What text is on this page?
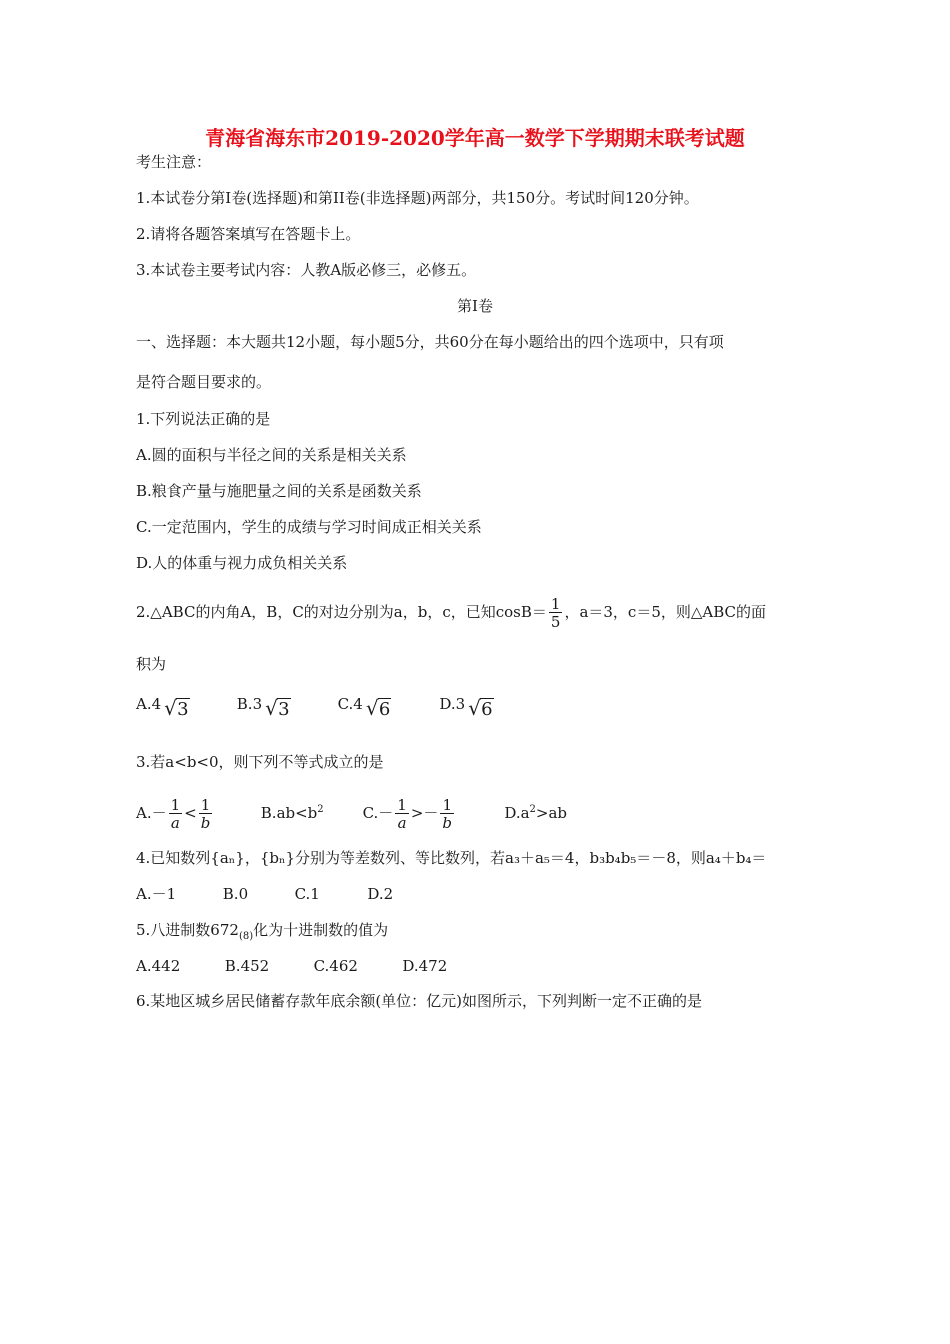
青海省海东市2019-2020学年高一数学下学期期末联考试题
考生注意：
1.本试卷分第I卷(选择题)和第II卷(非选择题)两部分，共150分。考试时间120分钟。
2.请将各题答案填写在答题卡上。
3.本试卷主要考试内容：人教A版必修三，必修五。
第I卷
一、选择题：本大题共12小题，每小题5分，共60分在每小题给出的四个选项中，只有项
是符合题目要求的。
1.下列说法正确的是
A.圆的面积与半径之间的关系是相关关系
B.粮食产量与施肥量之间的关系是函数关系
C.一定范围内，学生的成绩与学习时间成正相关关系
D.人的体重与视力成负相关关系
2.△ABC的内角A，B，C的对边分别为a，b，c，已知$\cos B= \frac{1}{5}$ ，a＝3，c＝5，则△ABC的面
积为
A.4 √ 3	B.3 √ 3	C.4 √ 6	D.3 √ 6
3.若a<b<0，则下列不等式成立的是
$A.- \frac{1}{a} < \frac{1}{b}$	$B.ab<b^2$	$C.- \frac{1}{a} >- \frac{1}{b}$	$D.a^2>ab$
4.已知数列{aₙ}，{bₙ}分别为等差数列、等比数列，若a₃＋a₅＝4，b₃b₄b₅＝－8，则a₄＋b₄＝
A.－1	B.0	C.1	D.2
5.八进制数$672_{(8)}$化为十进制数的值为
A.442	B.452	C.462	D.472
6.某地区城乡居民储蓄存款年底余额(单位：亿元)如图所示，下列判断一定不正确的是
